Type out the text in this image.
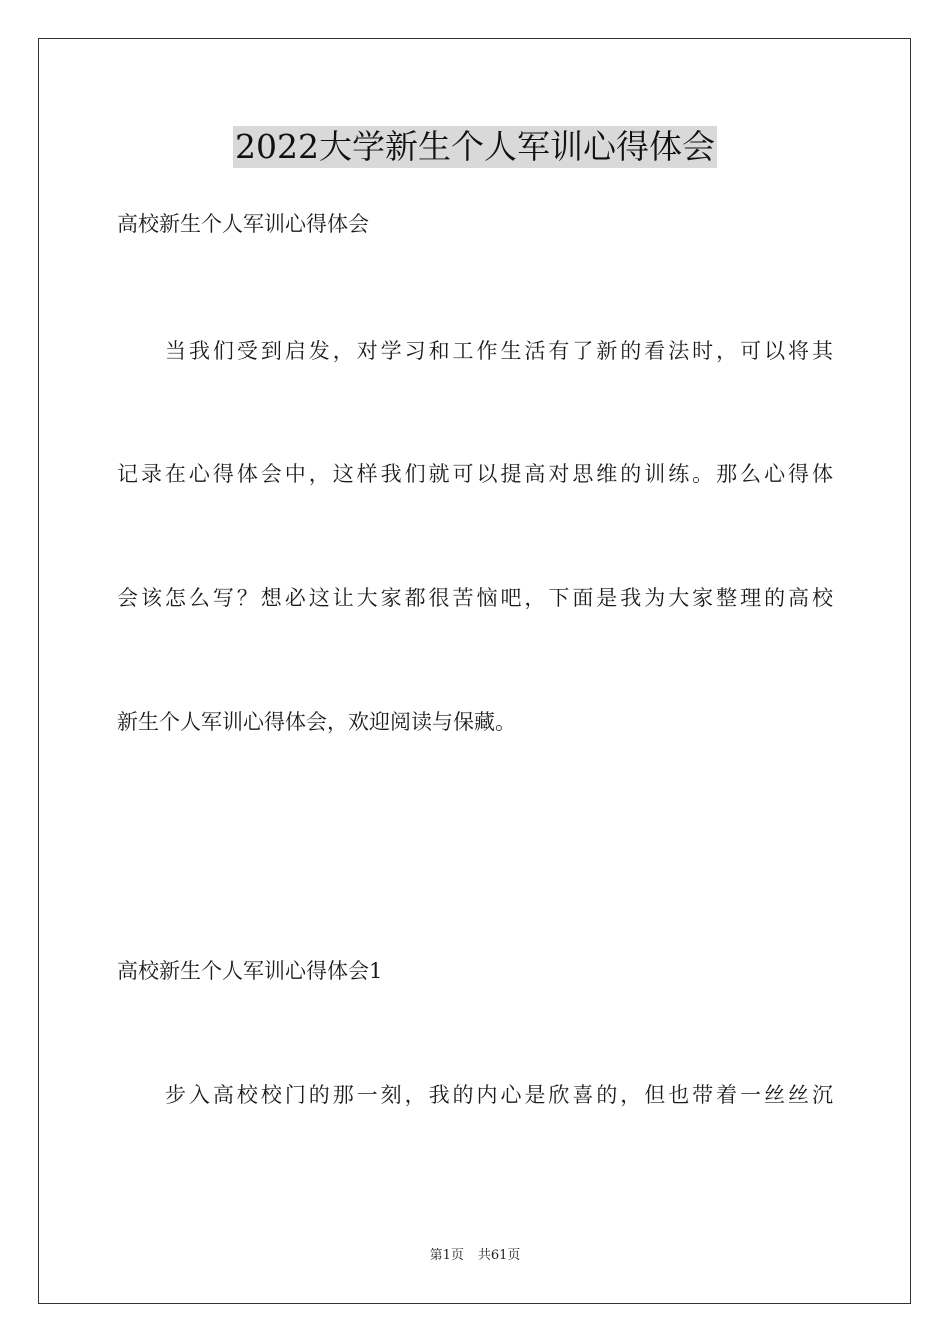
2022大学新生个人军训心得体会
高校新生个人军训心得体会
当我们受到启发，对学习和工作生活有了新的看法时，可以将其
记录在心得体会中，这样我们就可以提高对思维的训练。那么心得体
会该怎么写？想必这让大家都很苦恼吧，下面是我为大家整理的高校
新生个人军训心得体会，欢迎阅读与保藏。
高校新生个人军训心得体会1
步入高校校门的那一刻，我的内心是欣喜的，但也带着一丝丝沉
第1页 共61页
